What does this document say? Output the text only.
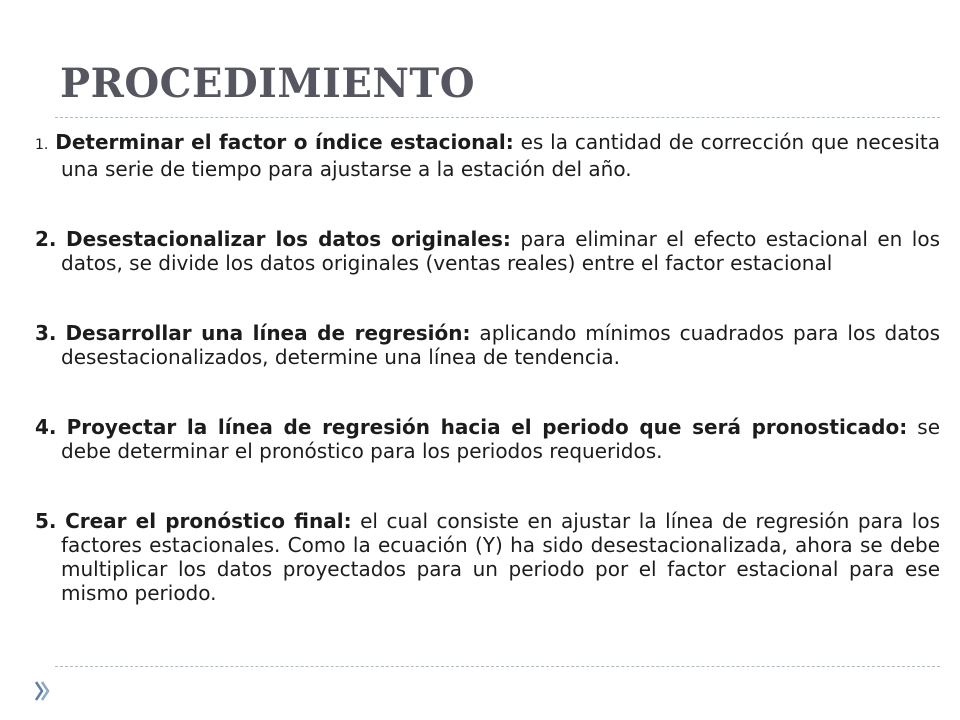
PROCEDIMIENTO

1. Determinar el factor o índice estacional: es la cantidad de corrección que necesita una serie de tiempo para ajustarse a la estación del año.

2. Desestacionalizar los datos originales: para eliminar el efecto estacional en los datos, se divide los datos originales (ventas reales) entre el factor estacional

3. Desarrollar una línea de regresión: aplicando mínimos cuadrados para los datos desestacionalizados, determine una línea de tendencia.

4. Proyectar la línea de regresión hacia el periodo que será pronosticado: se debe determinar el pronóstico para los periodos requeridos.

5. Crear el pronóstico final: el cual consiste en ajustar la línea de regresión para los factores estacionales. Como la ecuación (Y) ha sido desestacionalizada, ahora se debe multiplicar los datos proyectados para un periodo por el factor estacional para ese mismo periodo.
